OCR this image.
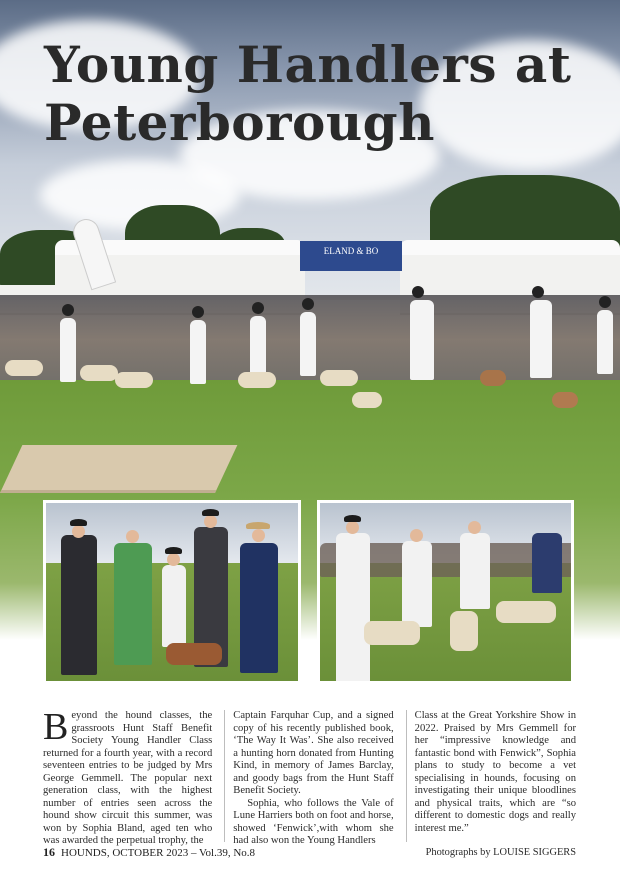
ELAND & BO
Young Handlers at
Peterborough
Beyond the hound classes, the grassroots Hunt Staff Benefit Society Young Handler Class returned for a fourth year, with a record seventeen entries to be judged by Mrs George Gemmell. The popular next generation class, with the highest number of entries seen across the hound show circuit this summer, was won by Sophia Bland, aged ten who was awarded the perpetual trophy, the
Captain Farquhar Cup, and a signed copy of his recently published book, ‘The Way It Was’. She also received a hunting horn donated from Hunting Kind, in memory of James Barclay, and goody bags from the Hunt Staff Benefit Society.
Sophia, who follows the Vale of Lune Harriers both on foot and horse, showed ‘Fenwick’,with whom she had also won the Young Handlers
Class at the Great Yorkshire Show in 2022. Praised by Mrs Gemmell for her “impressive knowledge and fantastic bond with Fenwick”, Sophia plans to study to become a vet specialising in hounds, focusing on investigating their unique bloodlines and physical traits, which are “so different to domestic dogs and really interest me.”
Photographs by LOUISE SIGGERS
16 HOUNDS, OCTOBER 2023 – Vol.39, No.8
